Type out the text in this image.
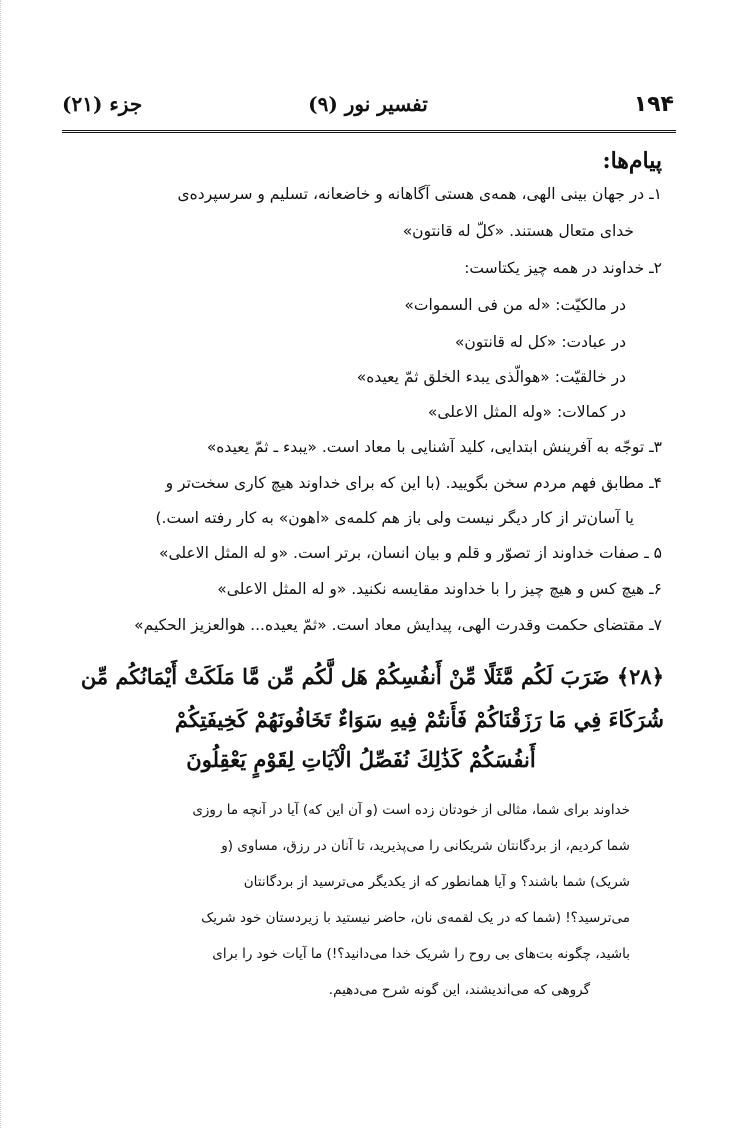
۱۹۴
تفسیر نور (۹)
جزء (۲۱)
پیام‌ها:
۱ـ در جهان بینی الهی، همه‌ی هستی آگاهانه و خاضعانه، تسلیم و سرسپرده‌ی
خدای متعال هستند. «کلّ له قانتون»
۲ـ خداوند در همه چیز یکتاست:
در مالکیّت: «له من فی السموات»
در عبادت: «کل له قانتون»
در خالقیّت: «هوالّذی یبدء الخلق ثمّ یعیده»
در کمالات: «وله المثل الاعلی»
۳ـ توجّه به آفرینش ابتدایی، کلید آشنایی با معاد است. «یبدء ـ ثمّ یعیده»
۴ـ مطابق فهم مردم سخن بگویید. (با این که برای خداوند هیچ کاری سخت‌تر و
یا آسان‌تر از کار دیگر نیست ولی باز هم کلمه‌ی «اهون» به کار رفته است.)
۵ ـ صفات خداوند از تصوّر و قلم و بیان انسان، برتر است. «و له المثل الاعلی»
۶ـ هیچ کس و هیچ چیز را با خداوند مقایسه نکنید. «و له المثل الاعلی»
۷ـ مقتضای حکمت وقدرت الهی، پیدایش معاد است. «ثمّ یعیده... هوالعزیز الحکیم»
﴿۲۸﴾ ضَرَبَ لَكُم مَّثَلًا مِّنْ أَنفُسِكُمْ هَل لَّكُم مِّن مَّا مَلَكَتْ أَيْمَانُكُم مِّن
شُرَكَاءَ فِي مَا رَزَقْنَاكُمْ فَأَنتُمْ فِيهِ سَوَاءٌ تَخَافُونَهُمْ كَخِيفَتِكُمْ
أَنفُسَكُمْ كَذَٰلِكَ نُفَصِّلُ الْآيَاتِ لِقَوْمٍ يَعْقِلُونَ
خداوند برای شما، مثالی از خودتان زده است (و آن این که) آیا در آنچه ما روزی
شما کردیم، از بردگانتان شریکانی را می‌پذیرید، تا آنان در رزق، مساوی (و
شریک) شما باشند؟ و آیا همانطور که از یکدیگر می‌ترسید از بردگانتان
می‌ترسید؟! (شما که در یک لقمه‌ی نان، حاضر نیستید با زیردستان خود شریک
باشید، چگونه بت‌های بی روح را شریک خدا می‌دانید؟!) ما آیات خود را برای
گروهی که می‌اندیشند، این گونه شرح می‌دهیم.
